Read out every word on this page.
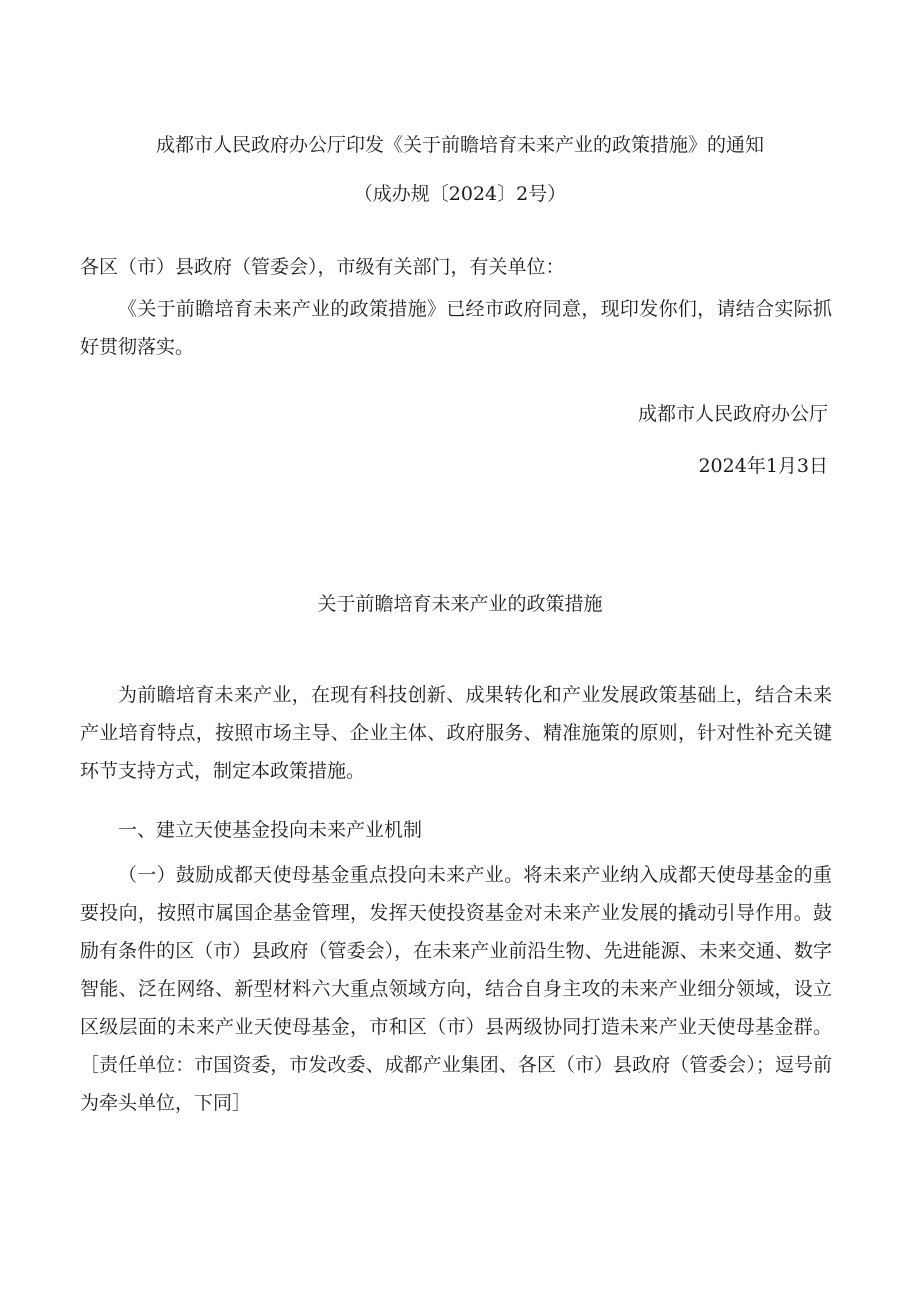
成都市人民政府办公厅印发《关于前瞻培育未来产业的政策措施》的通知
（成办规〔2024〕2号）
各区（市）县政府（管委会），市级有关部门，有关单位：

《关于前瞻培育未来产业的政策措施》已经市政府同意，现印发你们，请结合实际抓好贯彻落实。

成都市人民政府办公厅
2024年1月3日
关于前瞻培育未来产业的政策措施

为前瞻培育未来产业，在现有科技创新、成果转化和产业发展政策基础上，结合未来产业培育特点，按照市场主导、企业主体、政府服务、精准施策的原则，针对性补充关键环节支持方式，制定本政策措施。

一、建立天使基金投向未来产业机制

（一）鼓励成都天使母基金重点投向未来产业。将未来产业纳入成都天使母基金的重要投向，按照市属国企基金管理，发挥天使投资基金对未来产业发展的撬动引导作用。鼓励有条件的区（市）县政府（管委会），在未来产业前沿生物、先进能源、未来交通、数字智能、泛在网络、新型材料六大重点领域方向，结合自身主攻的未来产业细分领域，设立区级层面的未来产业天使母基金，市和区（市）县两级协同打造未来产业天使母基金群。［责任单位：市国资委，市发改委、成都产业集团、各区（市）县政府（管委会）；逗号前为牵头单位，下同］
